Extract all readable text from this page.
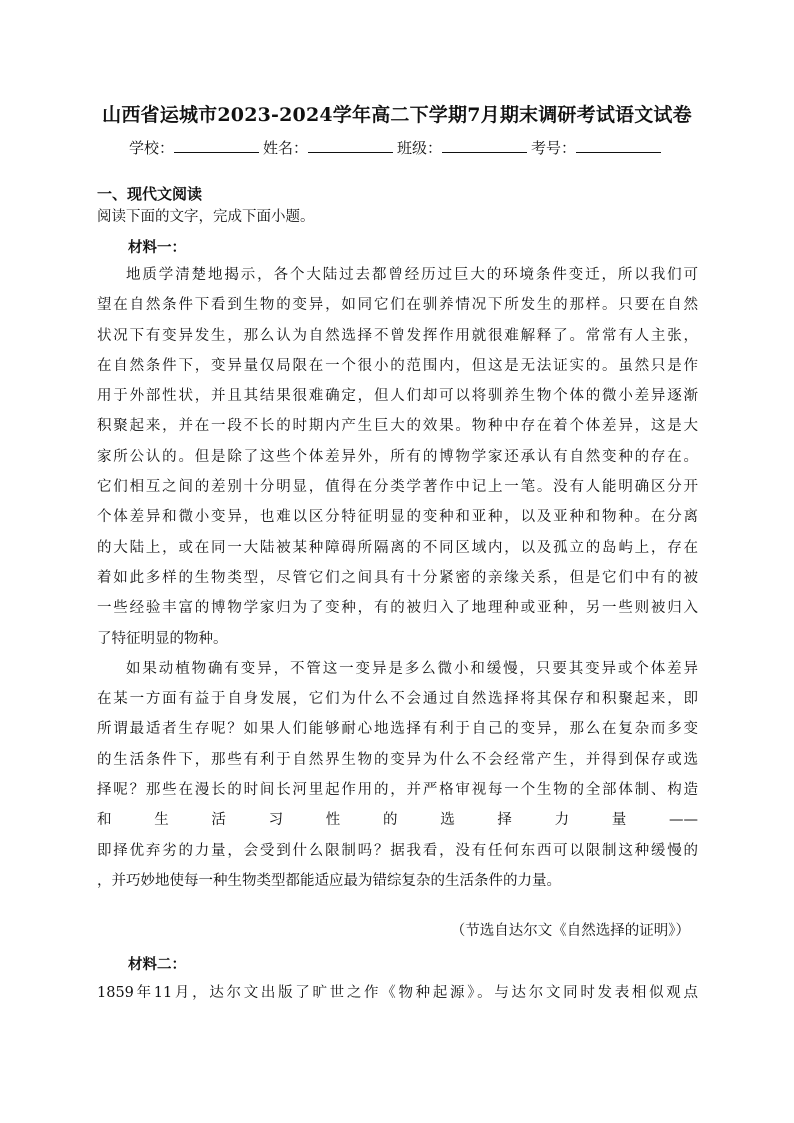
山西省运城市2023-2024学年高二下学期7月期末调研考试语文试卷
学校：	姓名：	班级：	考号：
一、现代文阅读
阅读下面的文字，完成下面小题。
材料一：
地质学清楚地揭示，各个大陆过去都曾经历过巨大的环境条件变迁，所以我们可
望在自然条件下看到生物的变异，如同它们在驯养情况下所发生的那样。只要在自然
状况下有变异发生，那么认为自然选择不曾发挥作用就很难解释了。常常有人主张，
在自然条件下，变异量仅局限在一个很小的范围内，但这是无法证实的。虽然只是作
用于外部性状，并且其结果很难确定，但人们却可以将驯养生物个体的微小差异逐渐
积聚起来，并在一段不长的时期内产生巨大的效果。物种中存在着个体差异，这是大
家所公认的。但是除了这些个体差异外，所有的博物学家还承认有自然变种的存在。
它们相互之间的差别十分明显，值得在分类学著作中记上一笔。没有人能明确区分开
个体差异和微小变异，也难以区分特征明显的变种和亚种，以及亚种和物种。在分离
的大陆上，或在同一大陆被某种障碍所隔离的不同区域内，以及孤立的岛屿上，存在
着如此多样的生物类型，尽管它们之间具有十分紧密的亲缘关系，但是它们中有的被
一些经验丰富的博物学家归为了变种，有的被归入了地理种或亚种，另一些则被归入
了特征明显的物种。
如果动植物确有变异，不管这一变异是多么微小和缓慢，只要其变异或个体差异
在某一方面有益于自身发展，它们为什么不会通过自然选择将其保存和积聚起来，即
所谓最适者生存呢？如果人们能够耐心地选择有利于自己的变异，那么在复杂而多变
的生活条件下，那些有利于自然界生物的变异为什么不会经常产生，并得到保存或选
择呢？那些在漫长的时间长河里起作用的，并严格审视每一个生物的全部体制、构造
和　　生　　活　　习　　性　　的　　选　　择　　力　　量　　——
即择优弃劣的力量，会受到什么限制吗？据我看，没有任何东西可以限制这种缓慢的
，并巧妙地使每一种生物类型都能适应最为错综复杂的生活条件的力量。
（节选自达尔文《自然选择的证明》）
材料二：
1859年11月，达尔文出版了旷世之作《物种起源》。与达尔文同时发表相似观点
